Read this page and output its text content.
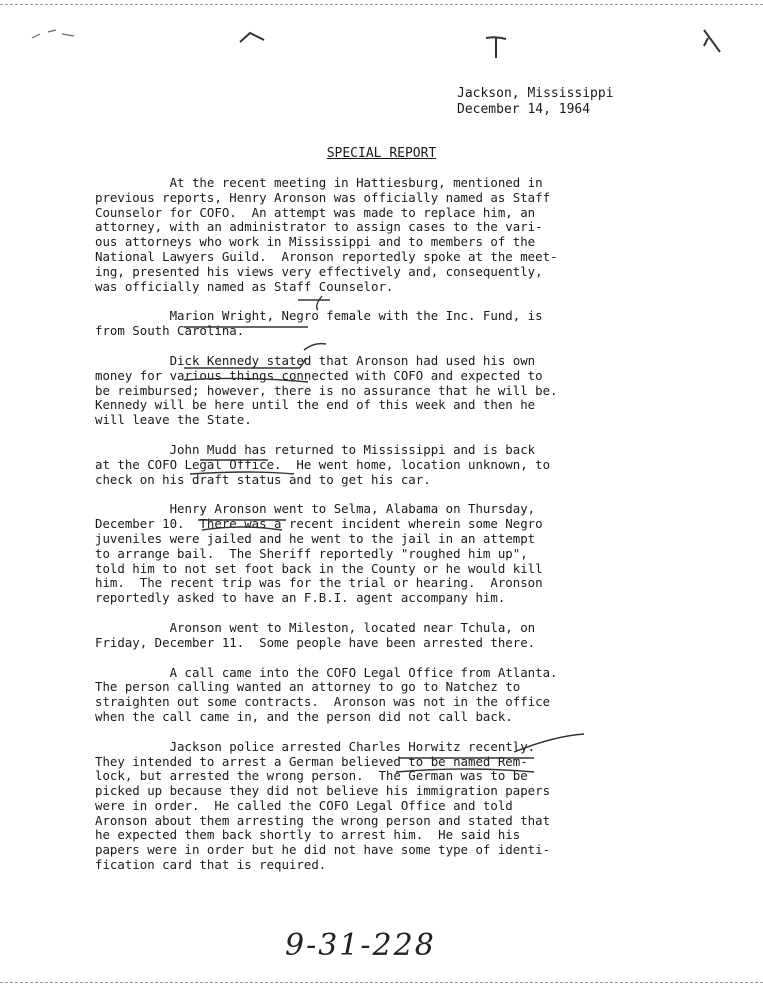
Jackson, Mississippi
December 14, 1964
SPECIAL REPORT

At the recent meeting in Hattiesburg, mentioned in
previous reports, Henry Aronson was officially named as Staff
Counselor for COFO.  An attempt was made to replace him, an
attorney, with an administrator to assign cases to the vari-
ous attorneys who work in Mississippi and to members of the
National Lawyers Guild.  Aronson reportedly spoke at the meet-
ing, presented his views very effectively and, consequently,
was officially named as Staff Counselor.

Marion Wright, Negro female with the Inc. Fund, is
from South Carolina.

Dick Kennedy stated that Aronson had used his own
money for various things connected with COFO and expected to
be reimbursed; however, there is no assurance that he will be.
Kennedy will be here until the end of this week and then he
will leave the State.

John Mudd has returned to Mississippi and is back
at the COFO Legal Office.  He went home, location unknown, to
check on his draft status and to get his car.

Henry Aronson went to Selma, Alabama on Thursday,
December 10.  There was a recent incident wherein some Negro
juveniles were jailed and he went to the jail in an attempt
to arrange bail.  The Sheriff reportedly "roughed him up",
told him to not set foot back in the County or he would kill
him.  The recent trip was for the trial or hearing.  Aronson
reportedly asked to have an F.B.I. agent accompany him.

Aronson went to Mileston, located near Tchula, on
Friday, December 11.  Some people have been arrested there.

A call came into the COFO Legal Office from Atlanta.
The person calling wanted an attorney to go to Natchez to
straighten out some contracts.  Aronson was not in the office
when the call came in, and the person did not call back.

Jackson police arrested Charles Horwitz recently.
They intended to arrest a German believed to be named Rem-
lock, but arrested the wrong person.  The German was to be
picked up because they did not believe his immigration papers
were in order.  He called the COFO Legal Office and told
Aronson about them arresting the wrong person and stated that
he expected them back shortly to arrest him.  He said his
papers were in order but he did not have some type of identi-
fication card that is required.

9-31-228
